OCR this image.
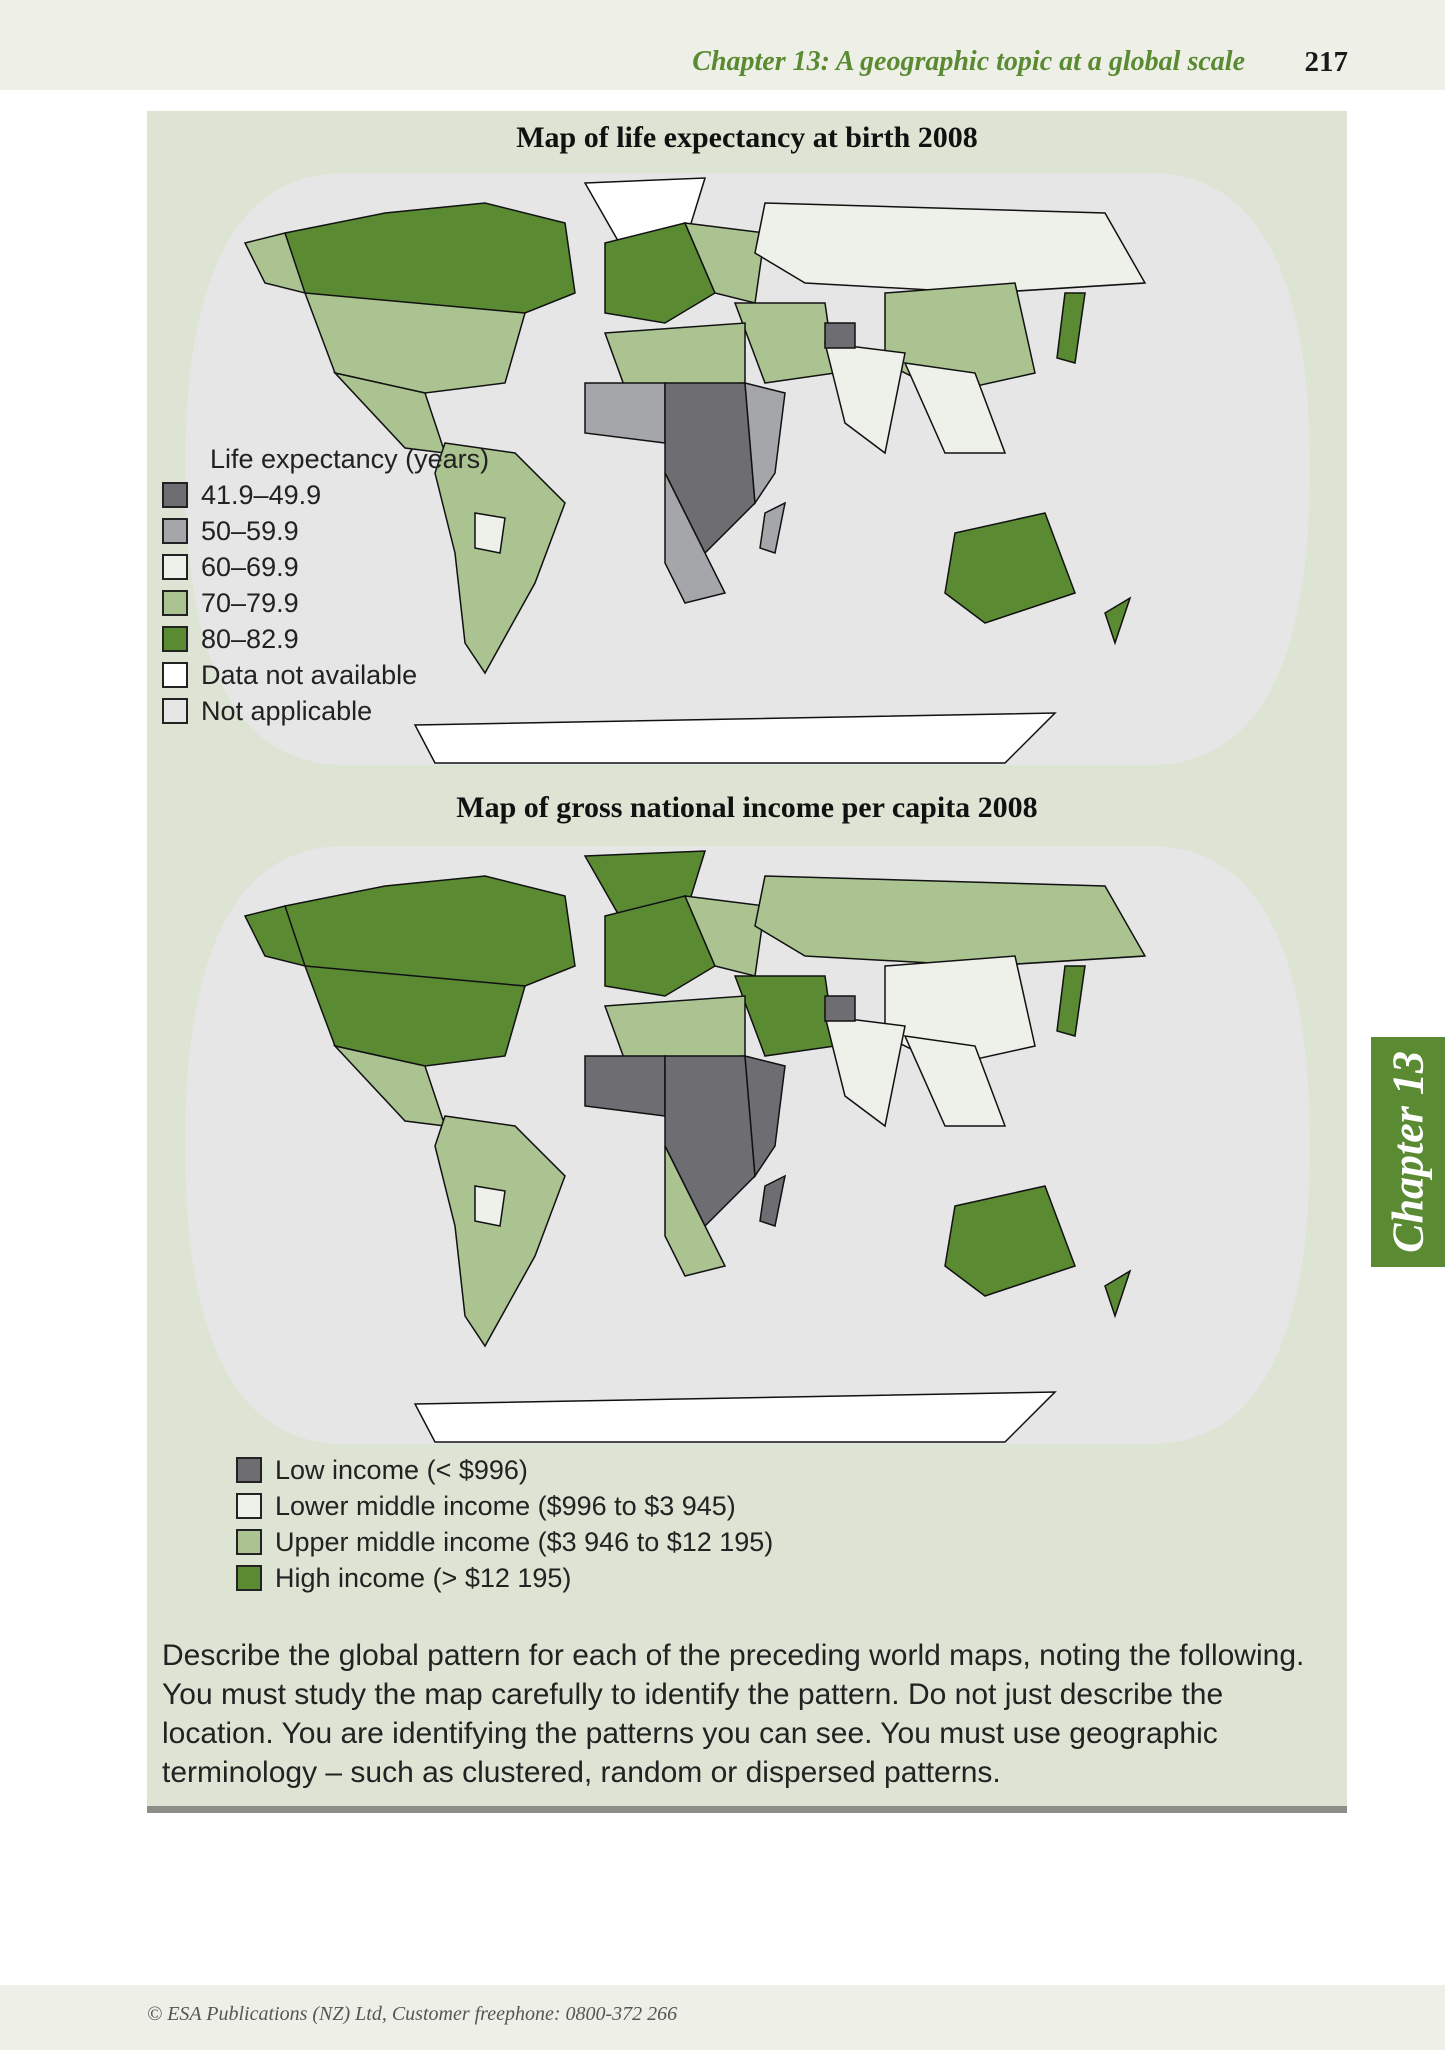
Chapter 13: A geographic topic at a global scale 217
Map of life expectancy at birth 2008
Life expectancy (years)
41.9–49.9
50–59.9
60–69.9
70–79.9
80–82.9
Data not available
Not applicable
Map of gross national income per capita 2008
Low income (< $996)
Lower middle income ($996 to $3 945)
Upper middle income ($3 946 to $12 195)
High income (> $12 195)
Describe the global pattern for each of the preceding world maps, noting the following.
You must study the map carefully to identify the pattern. Do not just describe the location. You are identifying the patterns you can see. You must use geographic terminology – such as clustered, random or dispersed patterns.
Chapter 13
© ESA Publications (NZ) Ltd, Customer freephone: 0800-372 266
